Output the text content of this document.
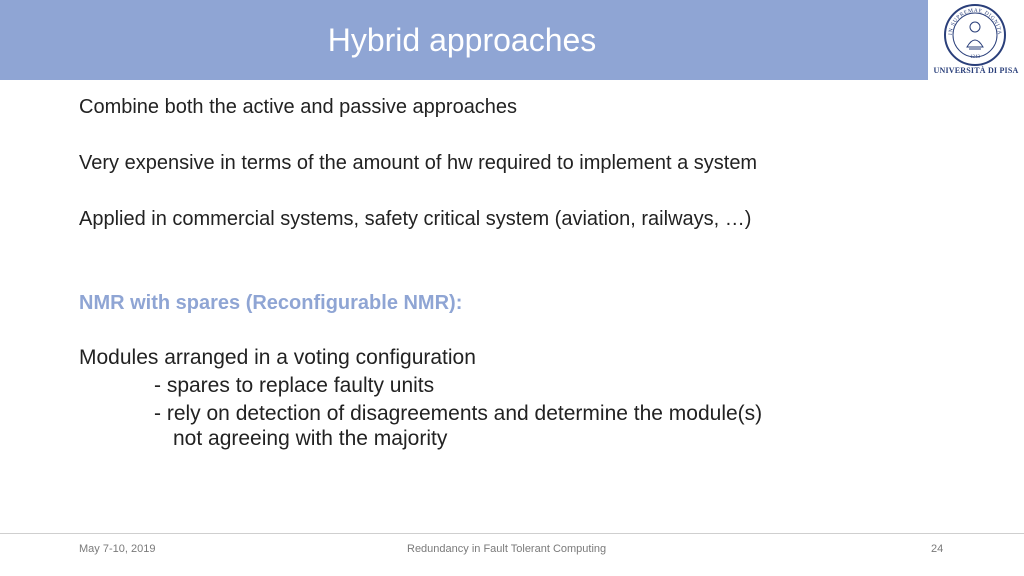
Hybrid approaches	IN SUPREMAE DIGNITA
1343
UNIVERSITÀ DI PISA
Combine both the active and passive approaches
Very expensive in terms of the amount of hw required to implement a system
Applied in commercial systems, safety critical system (aviation, railways, …)
NMR with spares (Reconfigurable NMR):
Modules arranged in a voting configuration
- spares to replace faulty units
- rely on detection of disagreements and determine the module(s)
not agreeing with the majority
May 7-10, 2019	Redundancy in Fault Tolerant Computing	24
